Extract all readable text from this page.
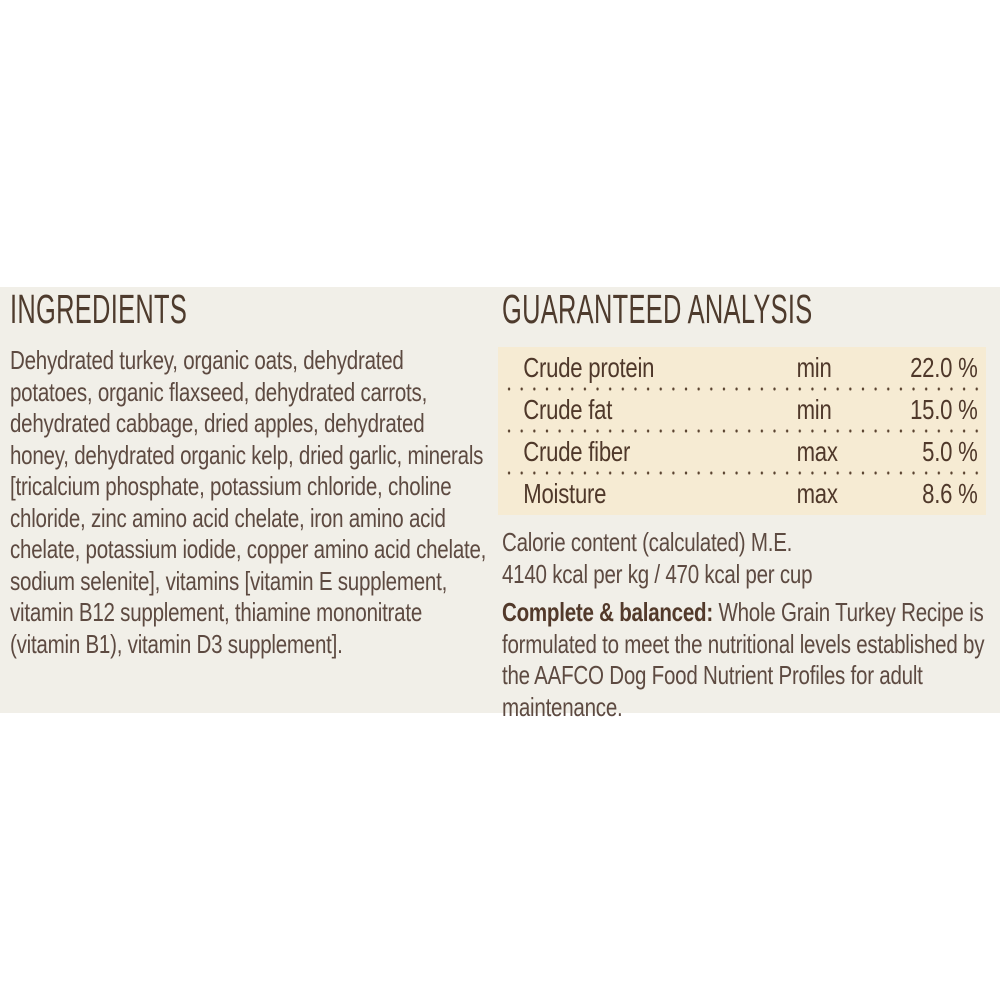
INGREDIENTS

Dehydrated turkey, organic oats, dehydrated potatoes, organic flaxseed, dehydrated carrots, dehydrated cabbage, dried apples, dehydrated honey, dehydrated organic kelp, dried garlic, minerals [tricalcium phosphate, potassium chloride, choline chloride, zinc amino acid chelate, iron amino acid chelate, potassium iodide, copper amino acid chelate, sodium selenite], vitamins [vitamin E supplement, vitamin B12 supplement, thiamine mononitrate (vitamin B1), vitamin D3 supplement].

GUARANTEED ANALYSIS
Crude protein	min	22.0 %
Crude fat	min	15.0 %
Crude fiber	max	5.0 %
Moisture	max	8.6 %
Calorie content (calculated) M.E.
4140 kcal per kg / 470 kcal per cup

Complete & balanced: Whole Grain Turkey Recipe is formulated to meet the nutritional levels established by the AAFCO Dog Food Nutrient Profiles for adult maintenance.
